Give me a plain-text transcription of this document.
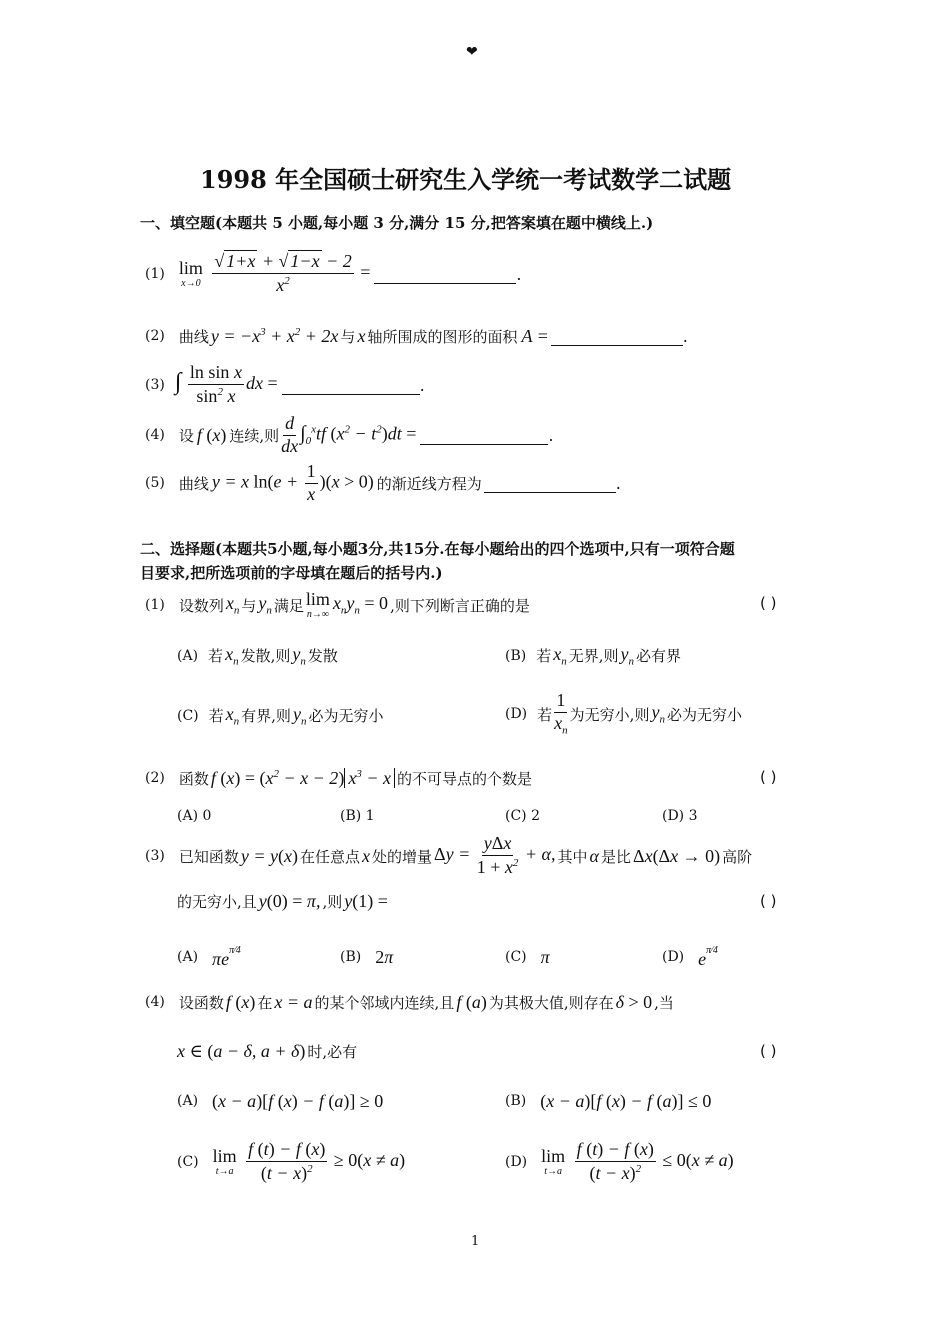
❤
1998 年全国硕士研究生入学统一考试数学二试题
一、填空题(本题共 5 小题,每小题 3 分,满分 15 分,把答案填在题中横线上.)
(1) lim
x→0
$\frac{√ 1+x + √ 1-x - 2}{x^2}$ =	.
(2) 曲线 $y = -x^3 + x^2 + 2x$ 与 x 轴所围成的图形的面积 A =	.
(3) ∫ $\frac{\text{ln sin x}}{\sin^2 x}$ dx =	.
(4) 设 f (x) 连续,则 $\frac{d}{dx} \int_0^xtf$ $(x^2 - t^2)dt$ =	.
(5) 曲线 y = x $\ln(e + \frac{1}{x} )(x > 0)$ 的渐近线方程为	.
二、选择题(本题共5小题,每小题3分,共15分.在每小题给出的四个选项中,只有一项符合题
目要求,把所选项前的字母填在题后的括号内.)
(1) 设数列 $x_n$ 与 $y_n$ 满足 lim
n→∞
$x_ny_n = 0$ ,则下列断言正确的是	( )
(A) 若 $x_n$ 发散,则 $y_n$ 发散	(B) 若 $x_n$ 无界,则 $y_n$ 必有界
(C) 若 $x_n$ 有界,则 $y_n$ 必为无穷小	(D) 若 $\frac{1}{x_n}$ 为无穷小,则 $y_n$ 必为无穷小
(2) 函数 f $(x) = (x^2 - x - 2) x^3 - x$ 的不可导点的个数是	( )
(A) 0	(B) 1	(C) 2	(D) 3
(3) 已知函数 y = y(x) 在任意点 x 处的增量 $\Delta y = \frac{\text{yΔx}}{1 + x^2} + \alpha$, 其中 α 是比 Δx(Δx → 0) 高阶
的无穷小,且 y(0) = π, ,则 y(1) =	( )
(A) $\pi e^{\pi⁄4}$	(B) 2π	(C) π	(D) $e^{\pi⁄4}$
(4) 设函数 f (x) 在 x = a 的某个邻域内连续,且 f (a) 为其极大值,则存在 δ > 0 ,当
x ∈ (a − δ, a + δ) 时,必有	( )
(A) (x − a)[f (x) − f (a)] ≥ 0	(B) (x − a)[f (x) − f (a)] ≤ 0
(C) lim
t→a
$\frac{f (t) - f (x)}{(t - x)^2} \ge 0(x \ne a)$	(D) lim
t→a
$\frac{f (t) - f (x)}{(t - x)^2} \le 0(x \ne a)$
1
